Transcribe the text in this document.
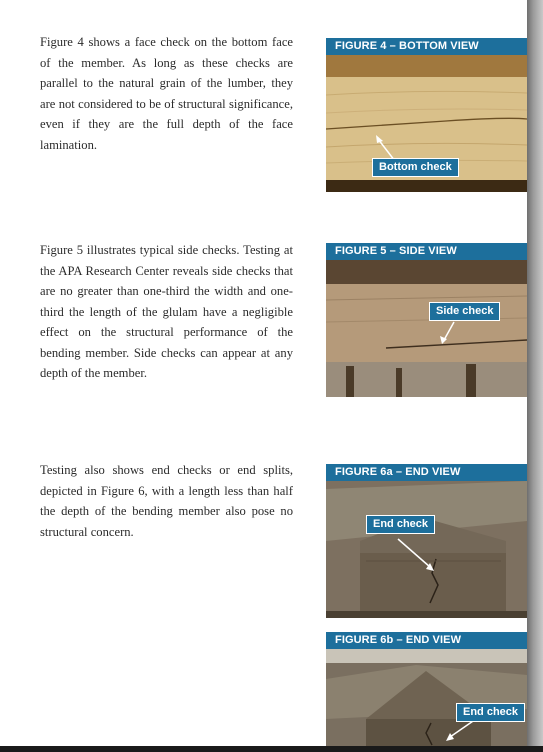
Figure 4 shows a face check on the bottom face of the member. As long as these checks are parallel to the natural grain of the lumber, they are not considered to be of structural significance, even if they are the full depth of the face lamination.

Figure 5 illustrates typical side checks. Testing at the APA Research Center reveals side checks that are no greater than one-third the width and one-third the length of the glulam have a negligible effect on the structural performance of the bending member. Side checks can appear at any depth of the member.

Testing also shows end checks or end splits, depicted in Figure 6, with a length less than half the depth of the bending member also pose no structural concern.

FIGURE 4 – BOTTOM VIEW
Bottom check
FIGURE 5 – SIDE VIEW
Side check
FIGURE 6a – END VIEW
End check
FIGURE 6b – END VIEW
End check
